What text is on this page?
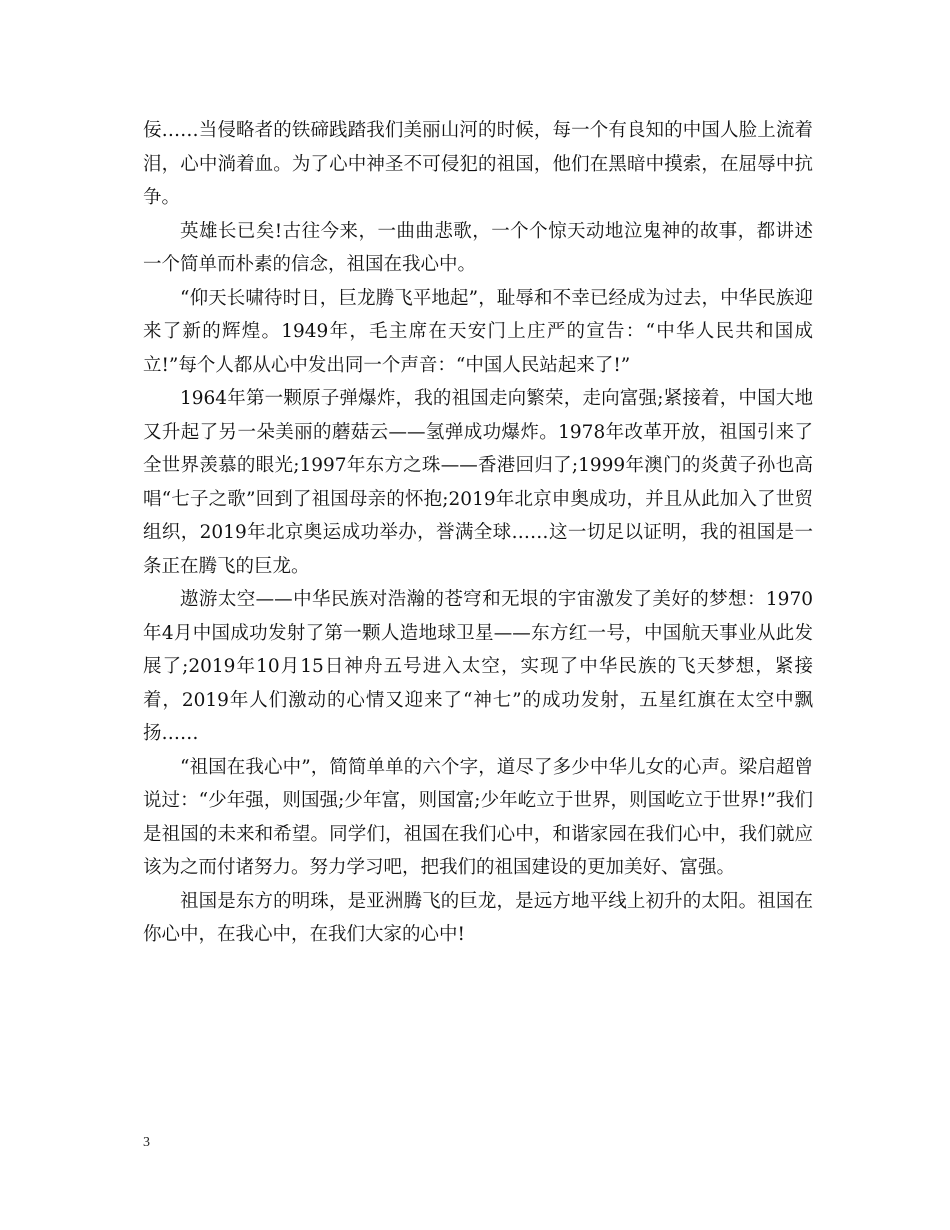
佞……当侵略者的铁碲践踏我们美丽山河的时候，每一个有良知的中国人脸上流着泪，心中淌着血。为了心中神圣不可侵犯的祖国，他们在黑暗中摸索，在屈辱中抗争。

英雄长已矣!古往今来，一曲曲悲歌，一个个惊天动地泣鬼神的故事，都讲述一个简单而朴素的信念，祖国在我心中。

“仰天长啸待时日，巨龙腾飞平地起”，耻辱和不幸已经成为过去，中华民族迎来了新的辉煌。1949年，毛主席在天安门上庄严的宣告：“中华人民共和国成立!”每个人都从心中发出同一个声音：“中国人民站起来了!”

1964年第一颗原子弹爆炸，我的祖国走向繁荣，走向富强;紧接着，中国大地又升起了另一朵美丽的蘑菇云——氢弹成功爆炸。1978年改革开放，祖国引来了全世界羡慕的眼光;1997年东方之珠——香港回归了;1999年澳门的炎黄子孙也高唱“七子之歌”回到了祖国母亲的怀抱;2019年北京申奥成功，并且从此加入了世贸组织，2019年北京奥运成功举办，誉满全球……这一切足以证明，我的祖国是一条正在腾飞的巨龙。

遨游太空——中华民族对浩瀚的苍穹和无垠的宇宙激发了美好的梦想：1970年4月中国成功发射了第一颗人造地球卫星——东方红一号，中国航天事业从此发展了;2019年10月15日神舟五号进入太空，实现了中华民族的飞天梦想，紧接着，2019年人们激动的心情又迎来了“神七”的成功发射，五星红旗在太空中飘扬……

“祖国在我心中”，简简单单的六个字，道尽了多少中华儿女的心声。梁启超曾说过：“少年强，则国强;少年富，则国富;少年屹立于世界，则国屹立于世界!”我们是祖国的未来和希望。同学们，祖国在我们心中，和谐家园在我们心中，我们就应该为之而付诸努力。努力学习吧，把我们的祖国建设的更加美好、富强。

祖国是东方的明珠，是亚洲腾飞的巨龙，是远方地平线上初升的太阳。祖国在你心中，在我心中，在我们大家的心中!

3
